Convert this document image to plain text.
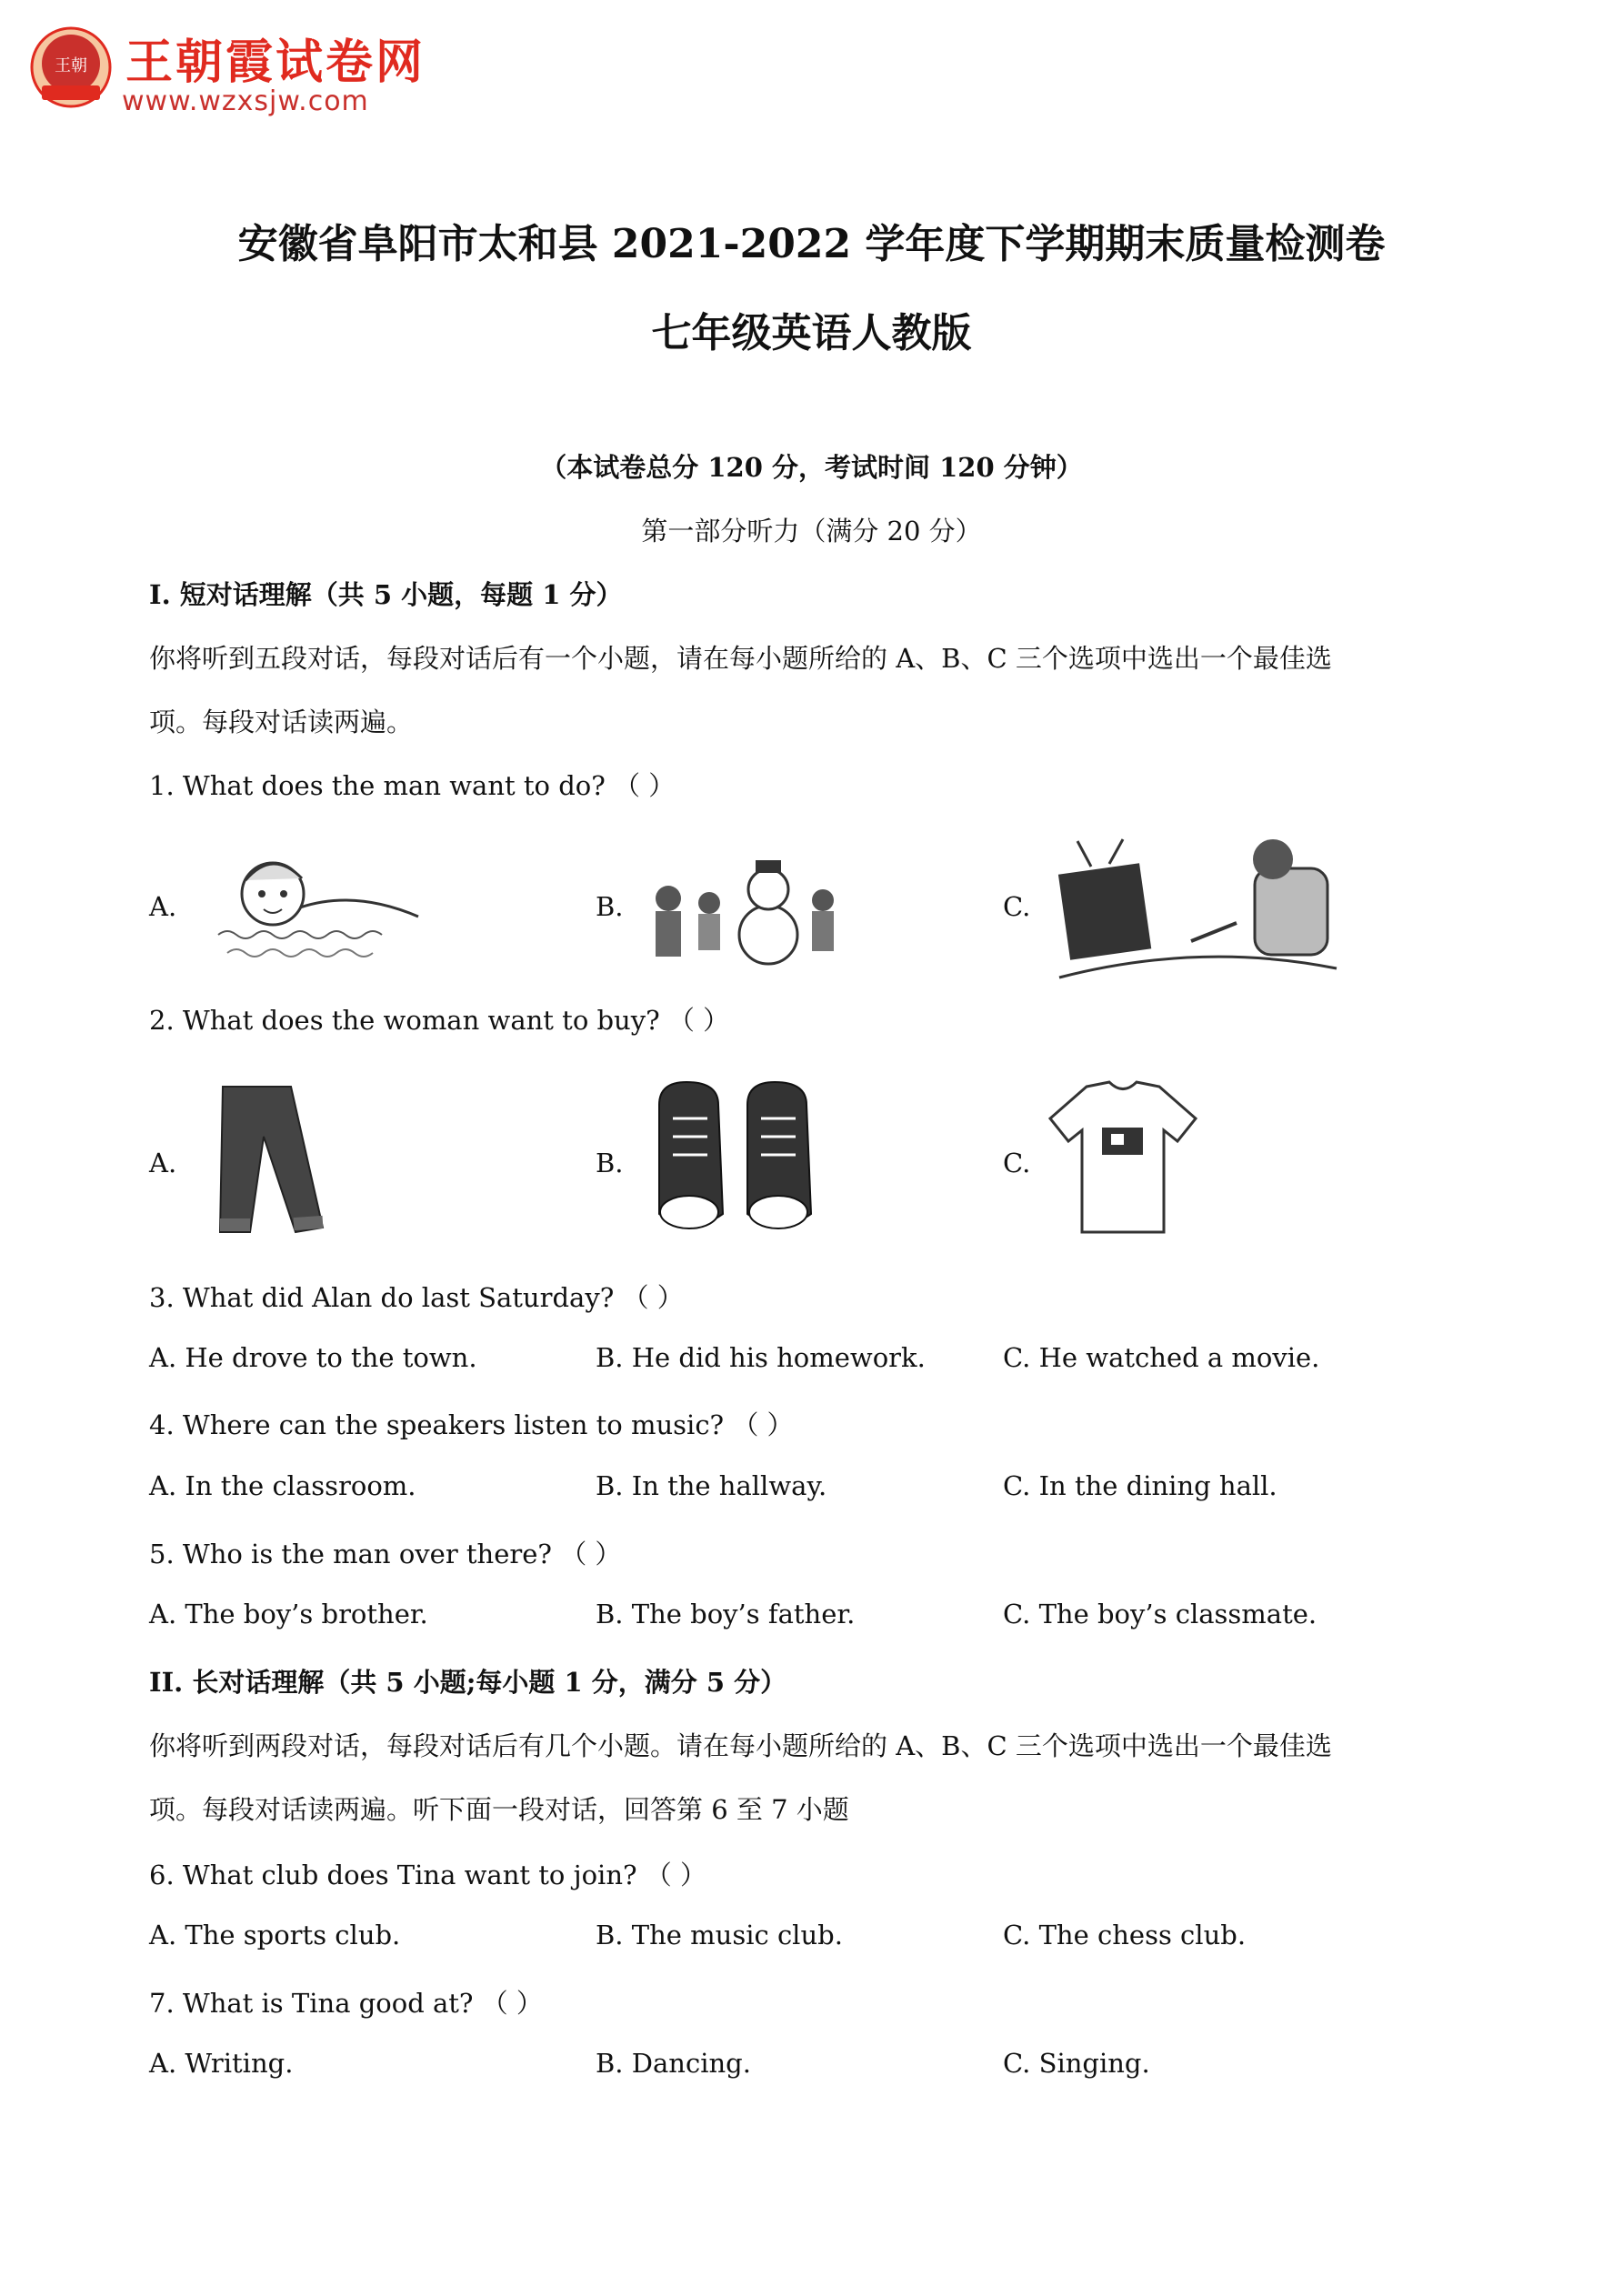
王朝 王朝霞试卷网
www.wzxsjw.com
安徽省阜阳市太和县 2021-2022 学年度下学期期末质量检测卷
七年级英语人教版
（本试卷总分 120 分，考试时间 120 分钟）
第一部分听力（满分 20 分）
I. 短对话理解（共 5 小题，每题 1 分）
你将听到五段对话，每段对话后有一个小题，请在每小题所给的 A、B、C 三个选项中选出一个最佳选
项。每段对话读两遍。
1. What does the man want to do? （ ）
A.	B.	C.
2. What does the woman want to buy? （ ）
A.	B.	C.
3. What did Alan do last Saturday? （ ）
A. He drove to the town.	B. He did his homework.	C. He watched a movie.
4. Where can the speakers listen to music? （ ）
A. In the classroom.	B. In the hallway.	C. In the dining hall.
5. Who is the man over there? （ ）
A. The boy’s brother.	B. The boy’s father.	C. The boy’s classmate.
II. 长对话理解（共 5 小题;每小题 1 分，满分 5 分）
你将听到两段对话，每段对话后有几个小题。请在每小题所给的 A、B、C 三个选项中选出一个最佳选
项。每段对话读两遍。听下面一段对话，回答第 6 至 7 小题
6. What club does Tina want to join? （ ）
A. The sports club.	B. The music club.	C. The chess club.
7. What is Tina good at? （ ）
A. Writing.	B. Dancing.	C. Singing.
